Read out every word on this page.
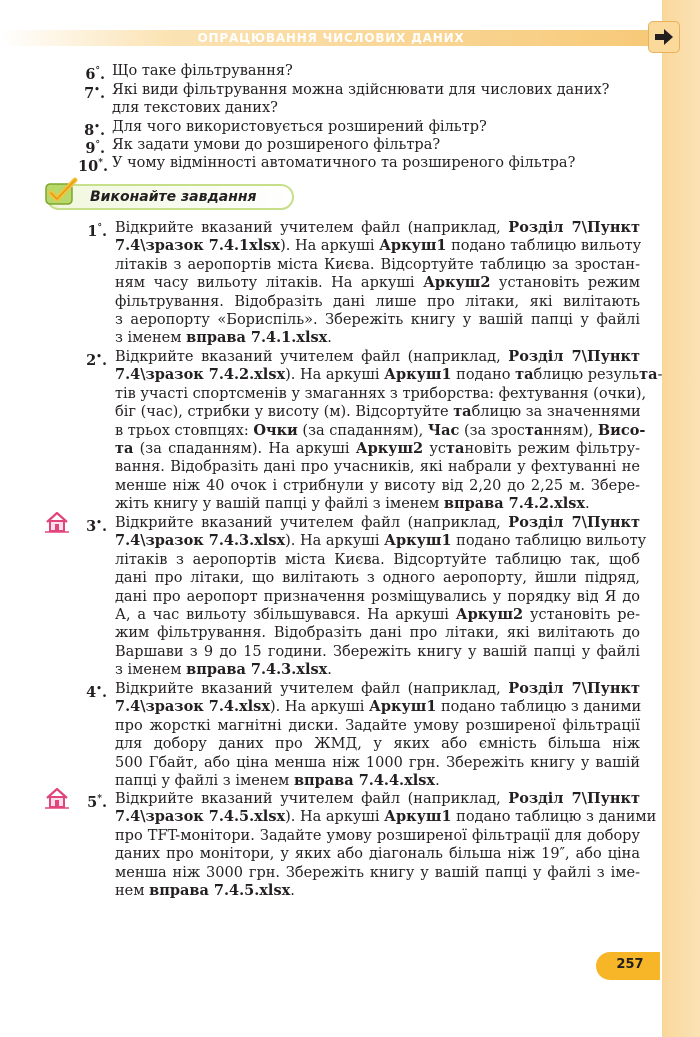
ОПРАЦЮВАННЯ ЧИСЛОВИХ ДАНИХ
6°. Що таке фільтрування?
7•. Які види фільтрування можна здійснювати для числових даних?
для текстових даних?
8•. Для чого використовується розширений фільтр?
9°. Як задати умови до розширеного фільтра?
10*. У чому відмінності автоматичного та розширеного фільтра?
Виконайте завдання
1°. Відкрийте вказаний учителем файл (наприклад, Розділ 7\Пункт
7.4\зразок 7.4.1xlsx). На аркуші Аркуш1 подано таблицю вильоту
літаків з аеропортів міста Києва. Відсортуйте таблицю за зростан-
ням часу вильоту літаків. На аркуші Аркуш2 установіть режим
фільтрування. Відобразіть дані лише про літаки, які вилітають
з аеропорту «Бориспіль». Збережіть книгу у вашій папці у файлі
з іменем вправа 7.4.1.xlsx.
2•. Відкрийте вказаний учителем файл (наприклад, Розділ 7\Пункт
7.4\зразок 7.4.2.xlsx). На аркуші Аркуш1 подано таблицю результа-
тів участі спортсменів у змаганнях з триборства: фехтування (очки),
біг (час), стрибки у висоту (м). Відсортуйте таблицю за значеннями
в трьох стовпцях: Очки (за спаданням), Час (за зростанням), Висо-
та (за спаданням). На аркуші Аркуш2 установіть режим фільтру-
вання. Відобразіть дані про учасників, які набрали у фехтуванні не
менше ніж 40 очок і стрибнули у висоту від 2,20 до 2,25 м. Збере-
жіть книгу у вашій папці у файлі з іменем вправа 7.4.2.xlsx.
3•. Відкрийте вказаний учителем файл (наприклад, Розділ 7\Пункт
7.4\зразок 7.4.3.xlsx). На аркуші Аркуш1 подано таблицю вильоту
літаків з аеропортів міста Києва. Відсортуйте таблицю так, щоб
дані про літаки, що вилітають з одного аеропорту, йшли підряд,
дані про аеропорт призначення розміщувались у порядку від Я до
А, а час вильоту збільшувався. На аркуші Аркуш2 установіть ре-
жим фільтрування. Відобразіть дані про літаки, які вилітають до
Варшави з 9 до 15 години. Збережіть книгу у вашій папці у файлі
з іменем вправа 7.4.3.xlsx.
4•. Відкрийте вказаний учителем файл (наприклад, Розділ 7\Пункт
7.4\зразок 7.4.xlsx). На аркуші Аркуш1 подано таблицю з даними
про жорсткі магнітні диски. Задайте умову розширеної фільтрації
для добору даних про ЖМД, у яких або ємність більша ніж
500 Гбайт, або ціна менша ніж 1000 грн. Збережіть книгу у вашій
папці у файлі з іменем вправа 7.4.4.xlsx.
5*. Відкрийте вказаний учителем файл (наприклад, Розділ 7\Пункт
7.4\зразок 7.4.5.xlsx). На аркуші Аркуш1 подано таблицю з даними
про TFT-монітори. Задайте умову розширеної фільтрації для добору
даних про монітори, у яких або діагональ більша ніж 19″, або ціна
менша ніж 3000 грн. Збережіть книгу у вашій папці у файлі з іме-
нем вправа 7.4.5.xlsx.
257
